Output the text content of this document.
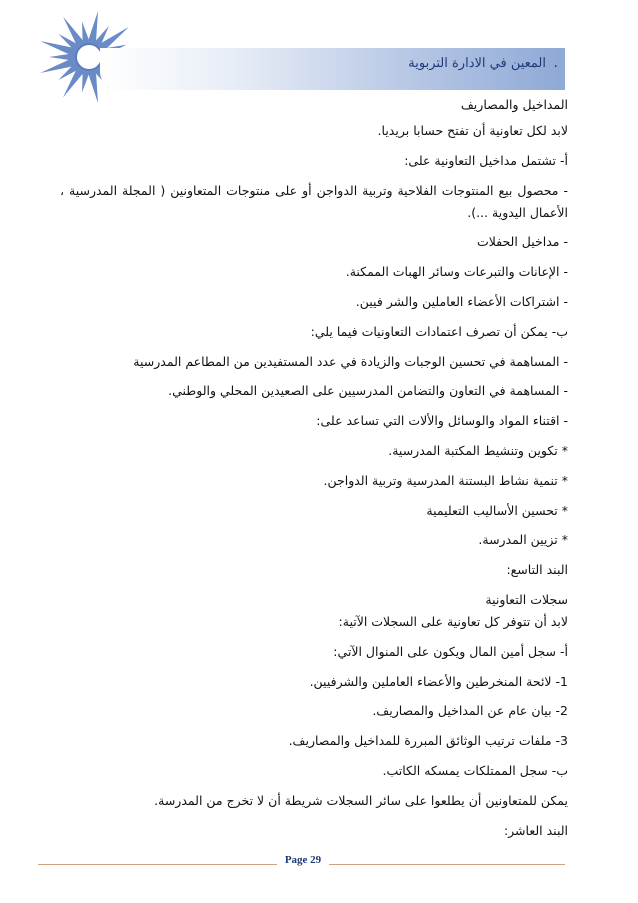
المعين في الادارة التربوية .

المداخيل والمصاريف

لابد لكل تعاونية أن تفتح حسابا بريديا.

أ- تشتمل مداخيل التعاونية على:

- محصول بيع المنتوجات الفلاحية وتربية الدواجن أو على منتوجات المتعاونين ( المجلة المدرسية ، الأعمال اليدوية ...).

- مداخيل الحفلات

- الإعانات والتبرعات وسائر الهبات الممكنة.

- اشتراكات الأعضاء العاملين والشر فيين.

ب- يمكن أن تصرف اعتمادات التعاونيات فيما يلي:

- المساهمة في تحسين الوجبات والزيادة في عدد المستفيدين من المطاعم المدرسية

- المساهمة في التعاون والتضامن المدرسيين على الصعيدين المحلي والوطني.

- اقتناء المواد والوسائل والألات التي تساعد على:

* تكوين وتنشيط المكتبة المدرسية.

* تنمية نشاط البستنة المدرسية وتربية الدواجن.

* تحسين الأساليب التعليمية

* تزيين المدرسة.

البند التاسع:

سجلات التعاونية

لابد أن تتوفر كل تعاونية على السجلات الآتية:

أ- سجل أمين المال ويكون على المنوال الآتي:

1- لائحة المنخرطين والأعضاء العاملين والشرفيين.

2- بيان عام عن المداخيل والمصاريف.

3- ملفات ترتيب الوثائق المبررة للمداخيل والمصاريف.

ب- سجل الممتلكات يمسكه الكاتب.

يمكن للمتعاونين أن يطلعوا على سائر السجلات شريطة أن لا تخرج من المدرسة.

البند العاشر:

Page 29
